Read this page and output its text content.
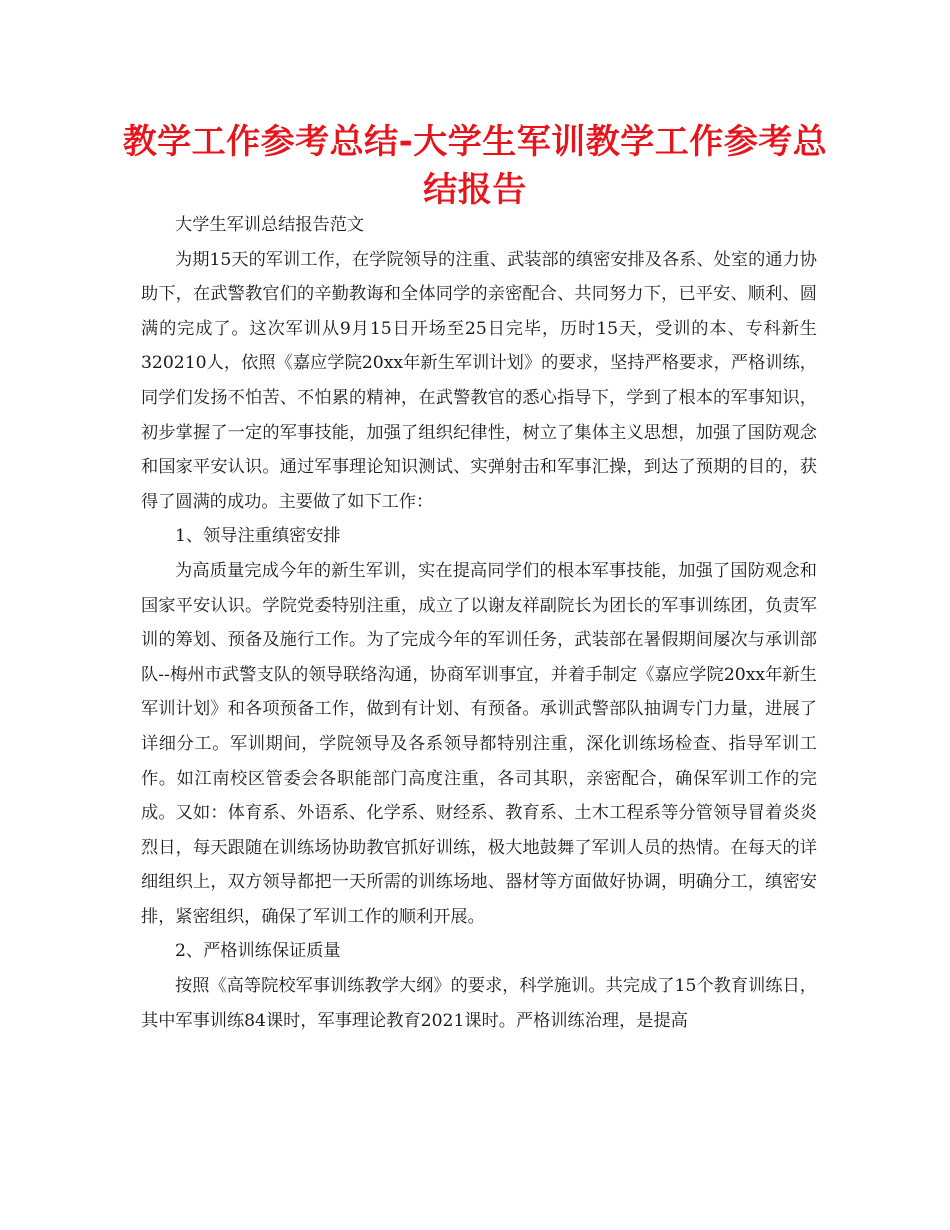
教学工作参考总结-大学生军训教学工作参考总结报告

大学生军训总结报告范文

为期15天的军训工作，在学院领导的注重、武装部的缜密安排及各系、处室的通力协助下，在武警教官们的辛勤教诲和全体同学的亲密配合、共同努力下，已平安、顺利、圆满的完成了。这次军训从9月15日开场至25日完毕，历时15天，受训的本、专科新生320210人，依照《嘉应学院20xx年新生军训计划》的要求，坚持严格要求，严格训练，同学们发扬不怕苦、不怕累的精神，在武警教官的悉心指导下，学到了根本的军事知识，初步掌握了一定的军事技能，加强了组织纪律性，树立了集体主义思想，加强了国防观念和国家平安认识。通过军事理论知识测试、实弹射击和军事汇操，到达了预期的目的，获得了圆满的成功。主要做了如下工作：

1、领导注重缜密安排

为高质量完成今年的新生军训，实在提高同学们的根本军事技能，加强了国防观念和国家平安认识。学院党委特别注重，成立了以谢友祥副院长为团长的军事训练团，负责军训的筹划、预备及施行工作。为了完成今年的军训任务，武装部在暑假期间屡次与承训部队--梅州市武警支队的领导联络沟通，协商军训事宜，并着手制定《嘉应学院20xx年新生军训计划》和各项预备工作，做到有计划、有预备。承训武警部队抽调专门力量，进展了详细分工。军训期间，学院领导及各系领导都特别注重，深化训练场检查、指导军训工作。如江南校区管委会各职能部门高度注重，各司其职，亲密配合，确保军训工作的完成。又如：体育系、外语系、化学系、财经系、教育系、土木工程系等分管领导冒着炎炎烈日，每天跟随在训练场协助教官抓好训练，极大地鼓舞了军训人员的热情。在每天的详细组织上，双方领导都把一天所需的训练场地、器材等方面做好协调，明确分工，缜密安排，紧密组织，确保了军训工作的顺利开展。

2、严格训练保证质量

按照《高等院校军事训练教学大纲》的要求，科学施训。共完成了15个教育训练日，其中军事训练84课时，军事理论教育2021课时。严格训练治理，是提高
